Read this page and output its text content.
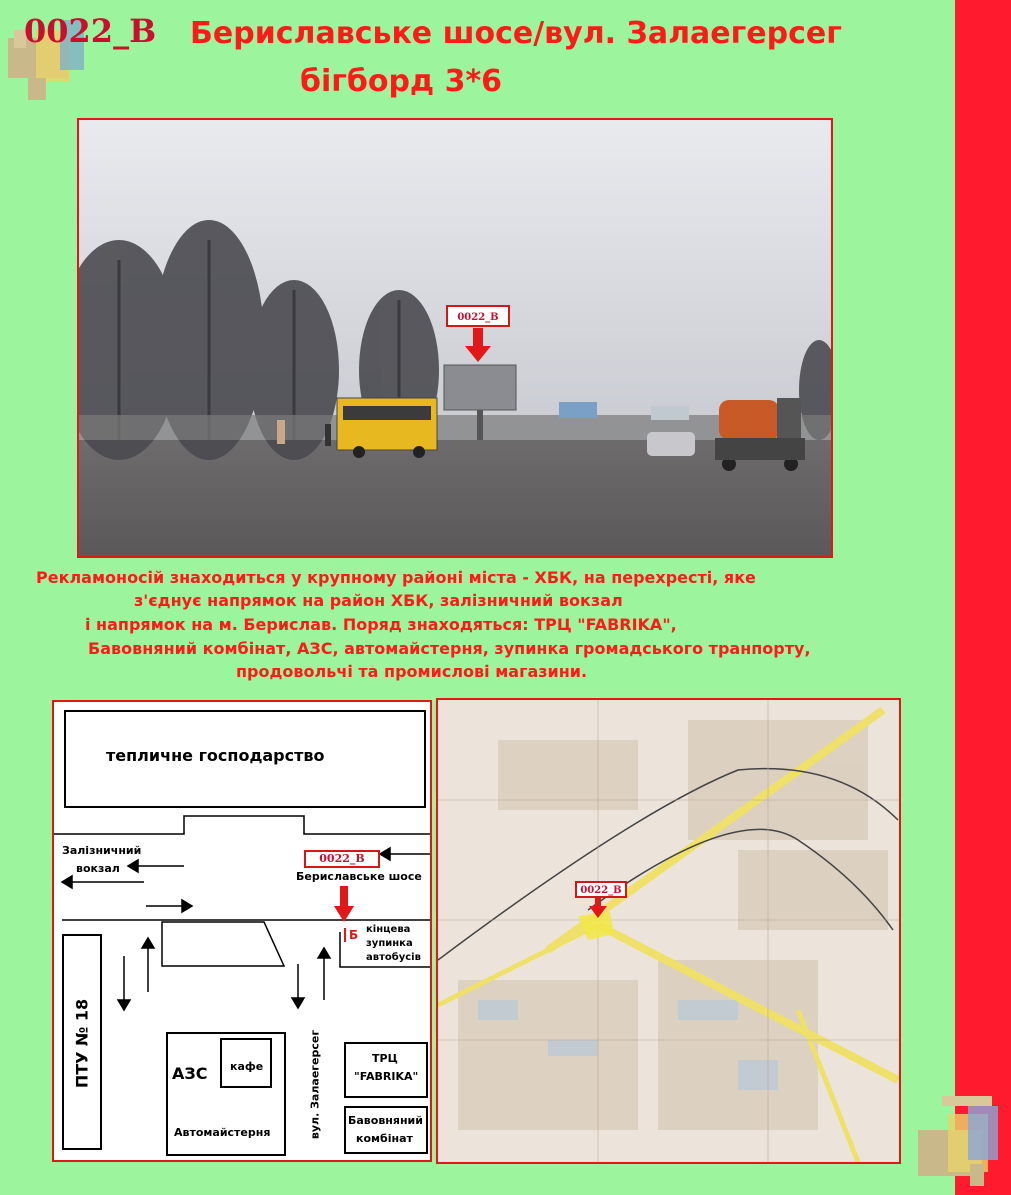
0022_B Бериславське шосе/вул. Залаегерсег
бігборд 3*6
0022_B
Рекламоносій знаходиться у крупному районі міста - ХБК, на перехресті, яке
з'єднує напрямок на район ХБК, залізничний вокзал
і напрямок на м. Берислав. Поряд знаходяться: ТРЦ "FABRIKA",
Бавовняний комбінат, АЗС, автомайстерня, зупинка громадського транпорту,
продовольчі та промислові магазини.
тепличне господарство
Залізничний
вокзал
0022_B
Бериславське шосе
Б кінцева
зупинка
автобусів
ПТУ № 18	АЗС кафе
Автомайстерня	вул. Залаегерсег	ТРЦ
"FABRIKA"
Бавовняний
комбінат
0022_B
